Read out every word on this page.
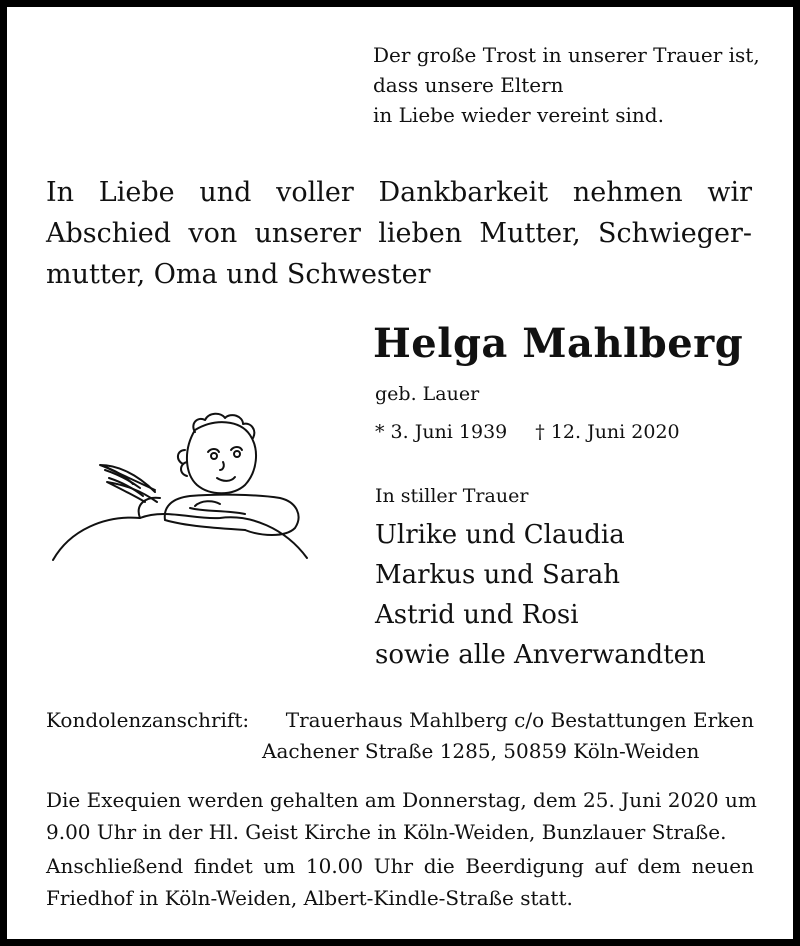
Der große Trost in unserer Trauer ist,
dass unsere Eltern
in Liebe wieder vereint sind.
In Liebe und voller Dankbarkeit nehmen wir
Abschied von unserer lieben Mutter, Schwieger-
mutter, Oma und Schwester
Helga Mahlberg
geb. Lauer
* 3. Juni 1939 † 12. Juni 2020
In stiller Trauer
Ulrike und Claudia
Markus und Sarah
Astrid und Rosi
sowie alle Anverwandten
Kondolenzanschrift: Trauerhaus Mahlberg c/o Bestattungen Erken
Aachener Straße 1285, 50859 Köln-Weiden
Die Exequien werden gehalten am Donnerstag, dem 25. Juni 2020 um
9.00 Uhr in der Hl. Geist Kirche in Köln-Weiden, Bunzlauer Straße.
Anschließend findet um 10.00 Uhr die Beerdigung auf dem neuen
Friedhof in Köln-Weiden, Albert-Kindle-Straße statt.
